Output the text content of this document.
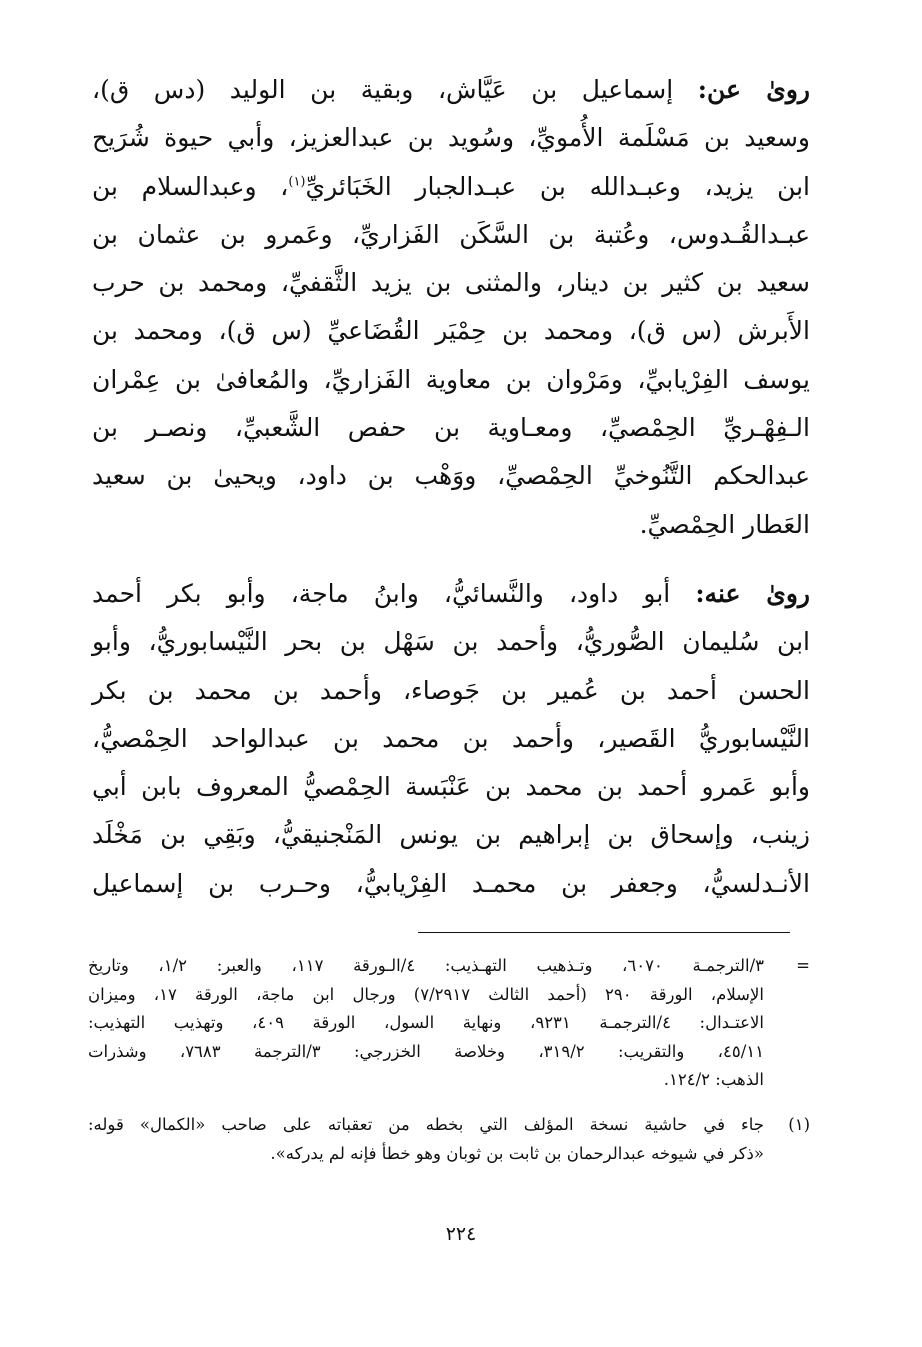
روىٰ عن: إسماعيل بن عَيَّاش، وبقية بن الوليد (دس ق)،

وسعيد بن مَسْلَمة الأُمويِّ، وسُويد بن عبدالعزيز، وأبي حيوة شُرَيح

ابن يزيد، وعبـدالله بن عبـدالجبار الخَبَائريِّ$^{(١)}$، وعبدالسلام بن

عبـدالقُـدوس، وعُتبة بن السَّكَن الفَزاريِّ، وعَمرو بن عثمان بن

سعيد بن كثير بن دينار، والمثنى بن يزيد الثَّقفيِّ، ومحمد بن حرب

الأَبرش (س ق)، ومحمد بن حِمْيَر القُضَاعيِّ (س ق)، ومحمد بن

يوسف الفِرْيابيِّ، ومَرْوان بن معاوية الفَزاريِّ، والمُعافىٰ بن عِمْران

الـفِهْـريِّ الحِمْصيِّ، ومعـاوية بن حفص الشَّعبيِّ، ونصـر بن

عبدالحكم التَّنُوخيِّ الحِمْصيِّ، ووَهْب بن داود، ويحيىٰ بن سعيد

العَطار الحِمْصيِّ.

روىٰ عنه: أبو داود، والنَّسائيُّ، وابنُ ماجة، وأبو بكر أحمد

ابن سُليمان الصُّوريُّ، وأحمد بن سَهْل بن بحر النَّيْسابوريُّ، وأبو

الحسن أحمد بن عُمير بن جَوصاء، وأحمد بن محمد بن بكر

النَّيْسابوريُّ القَصير، وأحمد بن محمد بن عبدالواحد الحِمْصيُّ،

وأبو عَمرو أحمد بن محمد بن عَنْبَسة الحِمْصيُّ المعروف بابن أبي

زينب، وإسحاق بن إبراهيم بن يونس المَنْجنيقيُّ، وبَقِي بن مَخْلَد

الأنـدلسيُّ، وجعفر بن محمـد الفِرْيابيُّ، وحـرب بن إسماعيل

=
٣/الترجمـة ٦٠٧٠، وتـذهيب التهـذيب: ٤/الـورقة ١١٧، والعبر: ١/٢، وتاريخ
الإسلام، الورقة ٢٩٠ (أحمد الثالث ٧/٢٩١٧) ورجال ابن ماجة، الورقة ١٧، وميزان
الاعتـدال: ٤/الترجمـة ٩٢٣١، ونهاية السول، الورقة ٤٠٩، وتهذيب التهذيب:
٤٥/١١، والتقريب: ٣١٩/٢، وخلاصة الخزرجي: ٣/الترجمة ٧٦٨٣، وشذرات
الذهب: ١٢٤/٢.
(١)
جاء في حاشية نسخة المؤلف التي بخطه من تعقباته على صاحب «الكمال» قوله:
«ذكر في شيوخه عبدالرحمان بن ثابت بن ثوبان وهو خطأ فإنه لم يدركه».
٢٢٤
